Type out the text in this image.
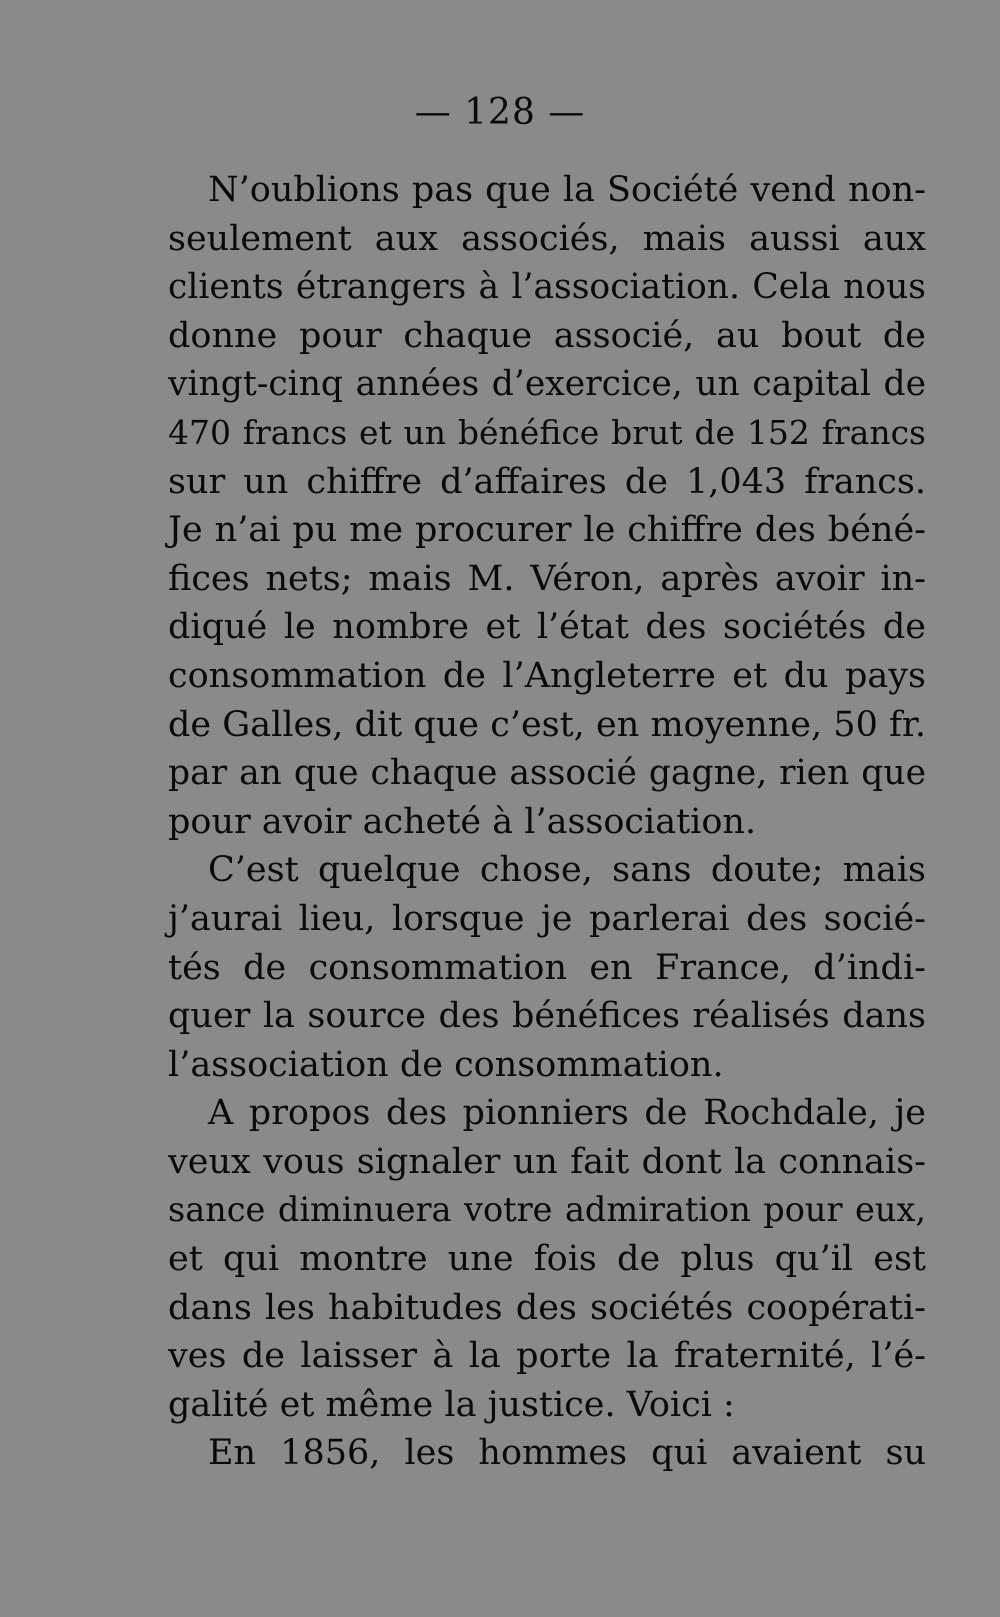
— 128 —
N’oublions pas que la Société vend non-
seulement aux associés, mais aussi aux
clients étrangers à l’association. Cela nous
donne pour chaque associé, au bout de
vingt-cinq années d’exercice, un capital de
470 francs et un bénéfice brut de 152 francs
sur un chiffre d’affaires de 1,043 francs.
Je n’ai pu me procurer le chiffre des béné-
fices nets; mais M. Véron, après avoir in-
diqué le nombre et l’état des sociétés de
consommation de l’Angleterre et du pays
de Galles, dit que c’est, en moyenne, 50 fr.
par an que chaque associé gagne, rien que
pour avoir acheté à l’association.
C’est quelque chose, sans doute; mais
j’aurai lieu, lorsque je parlerai des socié-
tés de consommation en France, d’indi-
quer la source des bénéfices réalisés dans
l’association de consommation.
A propos des pionniers de Rochdale, je
veux vous signaler un fait dont la connais-
sance diminuera votre admiration pour eux,
et qui montre une fois de plus qu’il est
dans les habitudes des sociétés coopérati-
ves de laisser à la porte la fraternité, l’é-
galité et même la justice. Voici :
En 1856, les hommes qui avaient su
